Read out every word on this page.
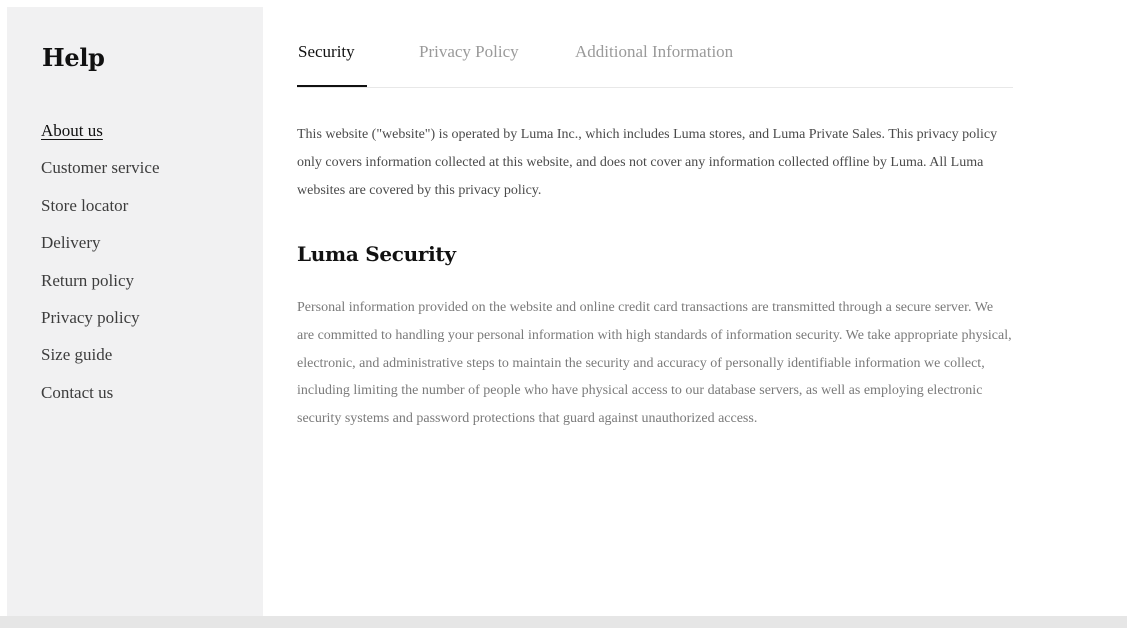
Help
About us
Customer service
Store locator
Delivery
Return policy
Privacy policy
Size guide
Contact us
Security	Privacy Policy	Additional Information

This website ("website") is operated by Luma Inc., which includes Luma stores, and Luma Private Sales. This privacy policy only covers information collected at this website, and does not cover any information collected offline by Luma. All Luma websites are covered by this privacy policy.

Luma Security

Personal information provided on the website and online credit card transactions are transmitted through a secure server. We are committed to handling your personal information with high standards of information security. We take appropriate physical, electronic, and administrative steps to maintain the security and accuracy of personally identifiable information we collect, including limiting the number of people who have physical access to our database servers, as well as employing electronic security systems and password protections that guard against unauthorized access.
